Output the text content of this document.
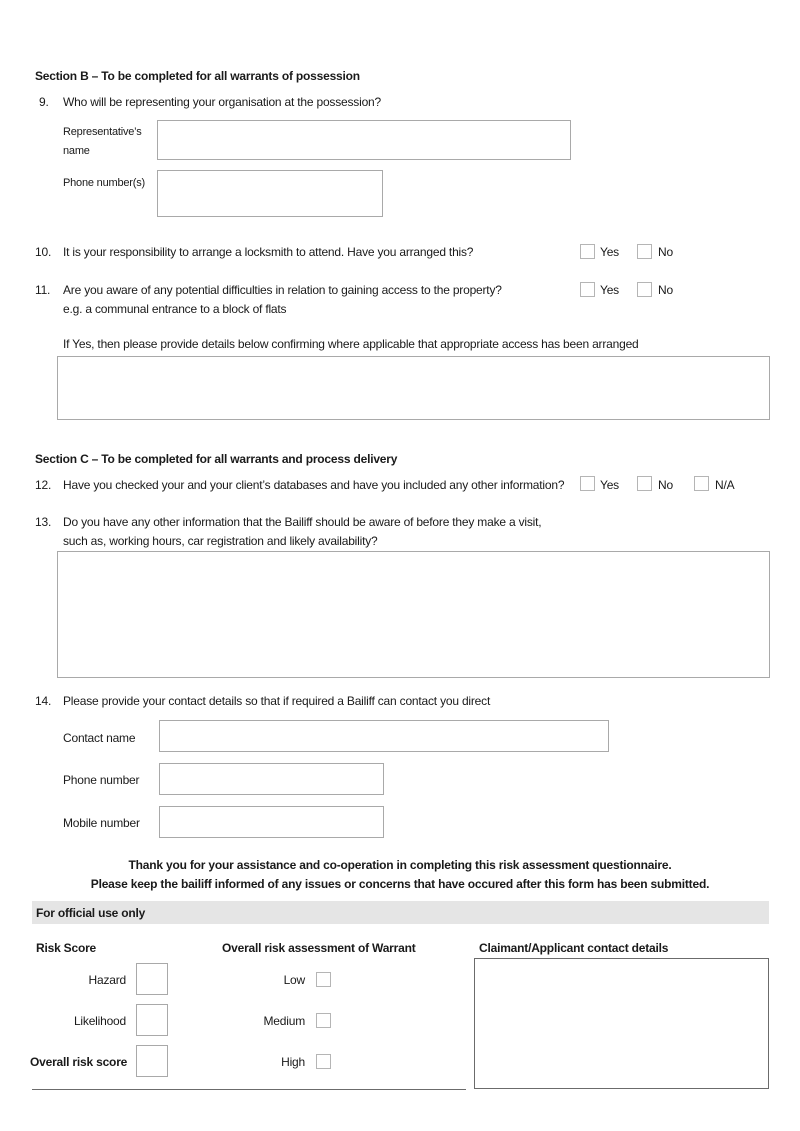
Section B – To be completed for all warrants of possession
9. Who will be representing your organisation at the possession?
Representative’s
name
Phone number(s)
10. It is your responsibility to arrange a locksmith to attend. Have you arranged this?	Yes	No
11. Are you aware of any potential difficulties in relation to gaining access to the property?
e.g. a communal entrance to a block of flats
Yes	No
If Yes, then please provide details below confirming where applicable that appropriate access has been arranged
Section C – To be completed for all warrants and process delivery
12. Have you checked your and your client’s databases and have you included any other information?	Yes	No	N/A
13. Do you have any other information that the Bailiff should be aware of before they make a visit,
such as, working hours, car registration and likely availability?
14. Please provide your contact details so that if required a Bailiff can contact you direct
Contact name
Phone number
Mobile number
Thank you for your assistance and co-operation in completing this risk assessment questionnaire.
Please keep the bailiff informed of any issues or concerns that have occured after this form has been submitted.
For official use only
Risk Score
Hazard
Likelihood
Overall risk score
Overall risk assessment of Warrant
Low
Medium
High
Claimant/Applicant contact details
